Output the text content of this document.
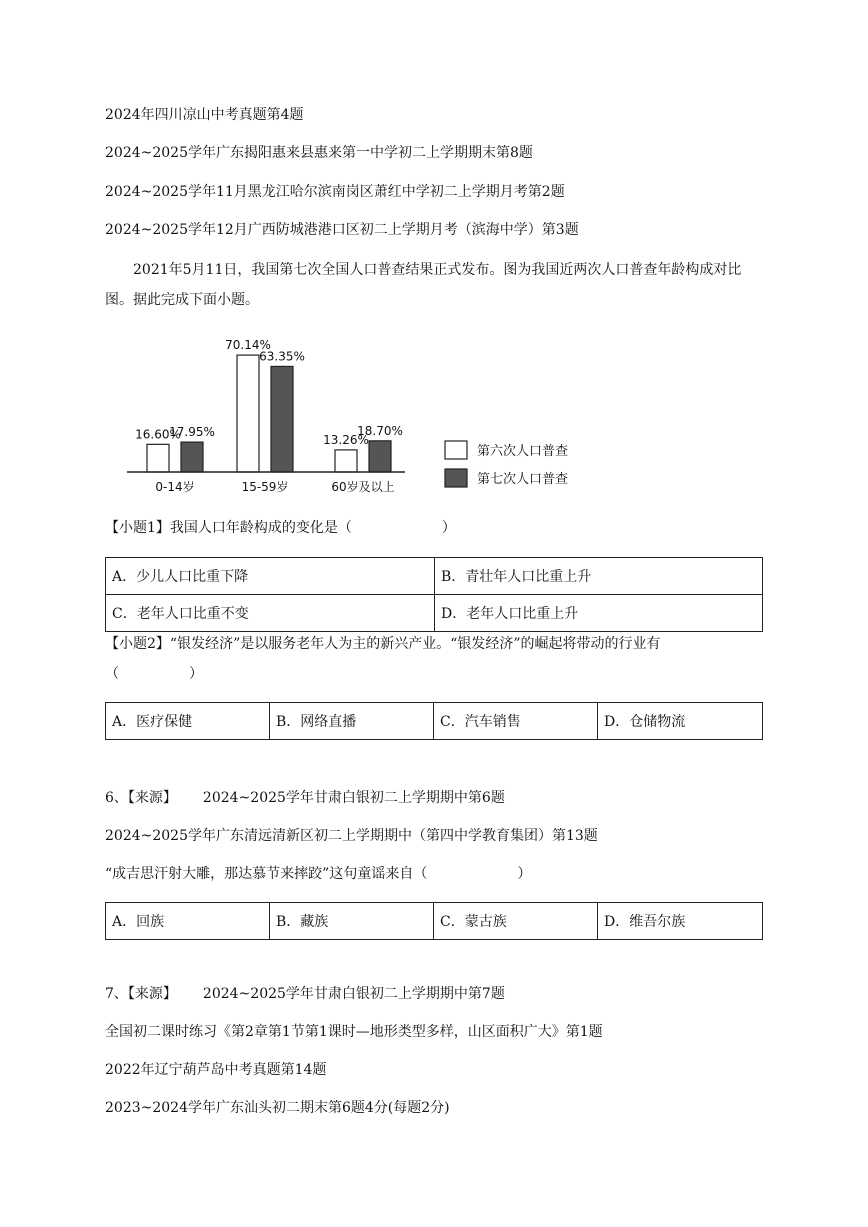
2024年四川凉山中考真题第4题
2024~2025学年广东揭阳惠来县惠来第一中学初二上学期期末第8题
2024~2025学年11月黑龙江哈尔滨南岗区萧红中学初二上学期月考第2题
2024~2025学年12月广西防城港港口区初二上学期月考（滨海中学）第3题
2021年5月11日，我国第七次全国人口普查结果正式发布。图为我国近两次人口普查年龄构成对比图。据此完成下面小题。
16.60%
17.95%
0-14岁
70.14%
63.35%
15-59岁
13.26%
18.70%
60岁及以上
第六次人口普查
第七次人口普查
【小题1】我国人口年龄构成的变化是（	）
A．少儿人口比重下降	B．青壮年人口比重上升
C．老年人口比重不变	D．老年人口比重上升
【小题2】“银发经济”是以服务老年人为主的新兴产业。“银发经济”的崛起将带动的行业有
（　　　　　）
A．医疗保健	B．网络直播	C．汽车销售	D．仓储物流
6、【来源】 2024~2025学年甘肃白银初二上学期期中第6题
2024~2025学年广东清远清新区初二上学期期中（第四中学教育集团）第13题
“成吉思汗射大雕，那达慕节来摔跤”这句童谣来自（	）
A．回族	B．藏族	C．蒙古族	D．维吾尔族
7、【来源】 2024~2025学年甘肃白银初二上学期期中第7题
全国初二课时练习《第2章第1节第1课时—地形类型多样，山区面积广大》第1题
2022年辽宁葫芦岛中考真题第14题
2023~2024学年广东汕头初二期末第6题4分(每题2分)
